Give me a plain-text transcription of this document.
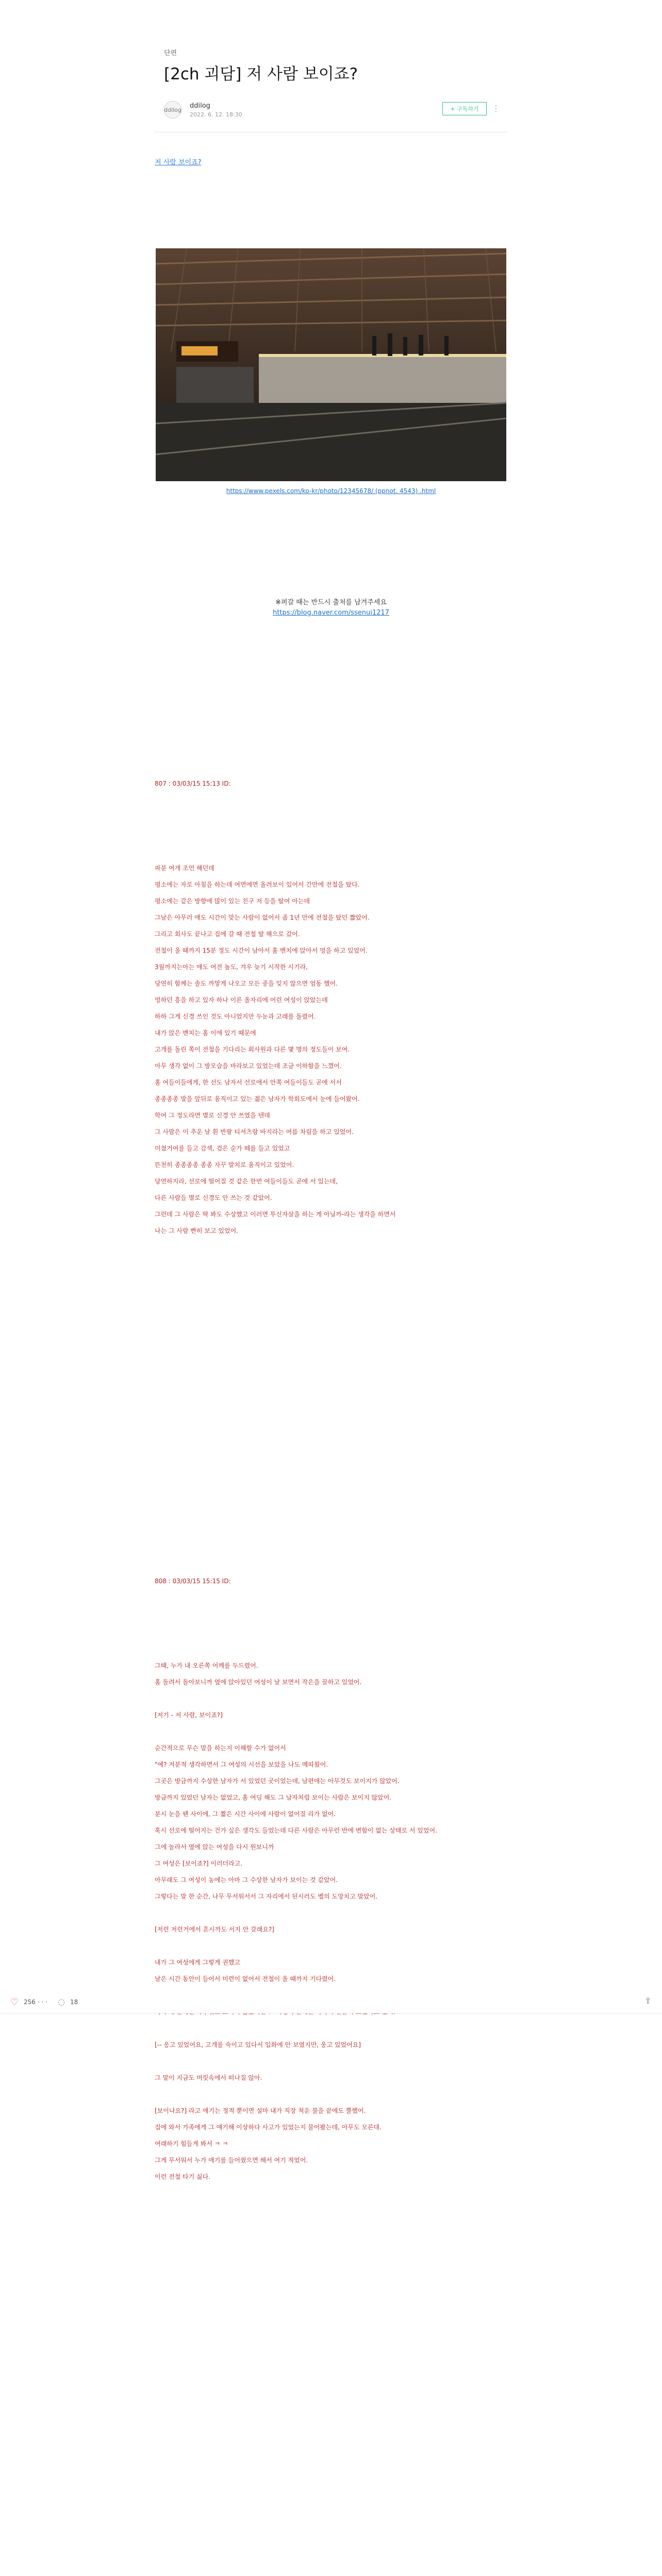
단편
[2ch 괴담] 저 사람 보이죠?
ddilog ddilog
2022. 6. 12. 18:30
+ 구독하기	⋮
저 사람 보이죠?
https://www.pexels.com/ko-kr/photo/12345678/ (ppnot. 4543) .html
※퍼갈 때는 반드시 출처를 남겨주세요
https://blog.naver.com/ssenui1217
807 : 03/03/15 15:13 ID:
파분 여개 조언 해던데
평소에는 자로 아침을 하는데 여면에면 올려보이 있어서 간만에 전철을 탔다.
평소에는 같은 방향에 많이 있는 친구 저 등을 탈여 아는데
그날은 아무러 애도 시간이 맞는 사람이 없어서 좀 1년 만에 전철을 탔던 짧았어.
그리고 회사도 끝나고 집에 갈 때 전철 탈 해으로 갔어.
전철이 올 때까지 15분 정도 시간이 남아서 홈 벤치에 앉아서 멍을 하고 있었어.
3월까지는아는 애도 여전 높도, 겨우 늦기 시작한 시기라,
당연히 함께는 솔도 까맣게 나오고 모든 중을 잊지 않으면 엄동 했어.
멍하던 흥을 하고 있자 하나 이른 올자리에 어린 여성이 앉았는데
하하 그게 신경 쓰인 것도 아니었지만 두눈과 고래를 돌렸어.
내가 앉은 벤치는 홈 이에 있기 때문에
고개를 돌린 쪽이 전철을 기다리는 회사원과 다른 몇 명의 정도들이 보여.
아무 생각 없이 그 방모습을 바라보고 있었는데 조금 이하함을 느꼈어.
홈 여들이들에게, 한 선도 남자서 선로에서 안쪽 여들이들도 곧에 서서
종종종종 발을 앞뒤로 움직이고 있는 젊은 남자가 학회도에서 눈에 들어왔어.
학여 그 정도라면 별로 신경 안 쓰였을 텐데
그 사람은 이 추운 날 흰 반팔 티셔츠랑 바지라는 여름 차림을 하고 있었어.
미쳤거여를 들고 감색, 검은 숟가 떼를 들고 있었고
뜬천히 종종종종 종종 자꾸 발치로 움직이고 있었어.
당연하지라, 선로에 떨어질 것 같은 한번 여들이들도 곧에 서 있는데,
다른 사람들 별로 신경도 안 쓰는 것 같았어.
그런데 그 사람은 딱 봐도 수상했고 이러면 투신자살을 하는 게 아닐까-라는 생각을 하면서
나는 그 사람 빤히 보고 있었어.
808 : 03/03/15 15:15 ID:
그때, 누가 내 오른쪽 어깨를 두드렸어.
홈 돌려서 돌아보니까 옆에 앉아있던 여성이 날 보면서 작은을 끌하고 있었어.
[저기 - 저 사람, 보이죠?]
순간적으로 무슨 말을 하는지 이해할 수가 없어서
"예? 저분적 생각하면서 그 여성의 시선을 보았을 나도 메띠웠어.
그곳은 방금까지 수상한 남자가 서 있었던 곳이었는데, 남편에는 아무것도 보이지가 않았어.
방금까지 있었던 남자는 없었고, 홈 여딩 해도 그 남자처럼 보이는 사람은 보이지 않았어.
분시 눈을 땐 사이에, 그 짧은 시간 사이에 사람이 없어질 리가 없어.
혹시 선로에 떨어지는 건가 싶은 생각도 들었는데 다른 사람은 아무런 반에 변함이 없는 상태로 서 있었어.
그에 놀라서 옆에 앉는 여성을 다시 원보니까
그 여성은 [보이죠?] 이러더라고.
아무래도 그 여성이 농에는 아마 그 수상한 남자가 보이는 것 같았어.
그렇다는 말 한 순간, 나무 무서워서서 그 자리에서 된시러도 벨의 도망치고 말았어.
[저런 저런거에서 흔시까도 서지 안 갈래요?]
내가 그 여성에게 그렇게 권했고
날은 시간 동안이 들어서 미련이 없어서 전철이 올 때까지 기다렸어.
[-- 응고 있었어요, 고개를 숙이고 있다서 입화에 안 보였지만, 웅고 있었어요]
그 말이 지금도 머릿속에서 떠나질 않아.
[보이나요?] 라고 애기는 정적 뿐이면 설마 내가 직장 척운 불을 끝에도 뿔했어.
집에 와서 가족에게 그 얘기해 이상하다 사고가 있었는지 물어봤는데, 아무도 모른대.
여래하기 힘들게 봐서 ㅋ ㅋ
그게 무서워서 누가 애기를 들어줬으면 해서 여기 적었어.
이런 전철 타기 싫다.
♡ 256 · · · ◌ 18	⇪
